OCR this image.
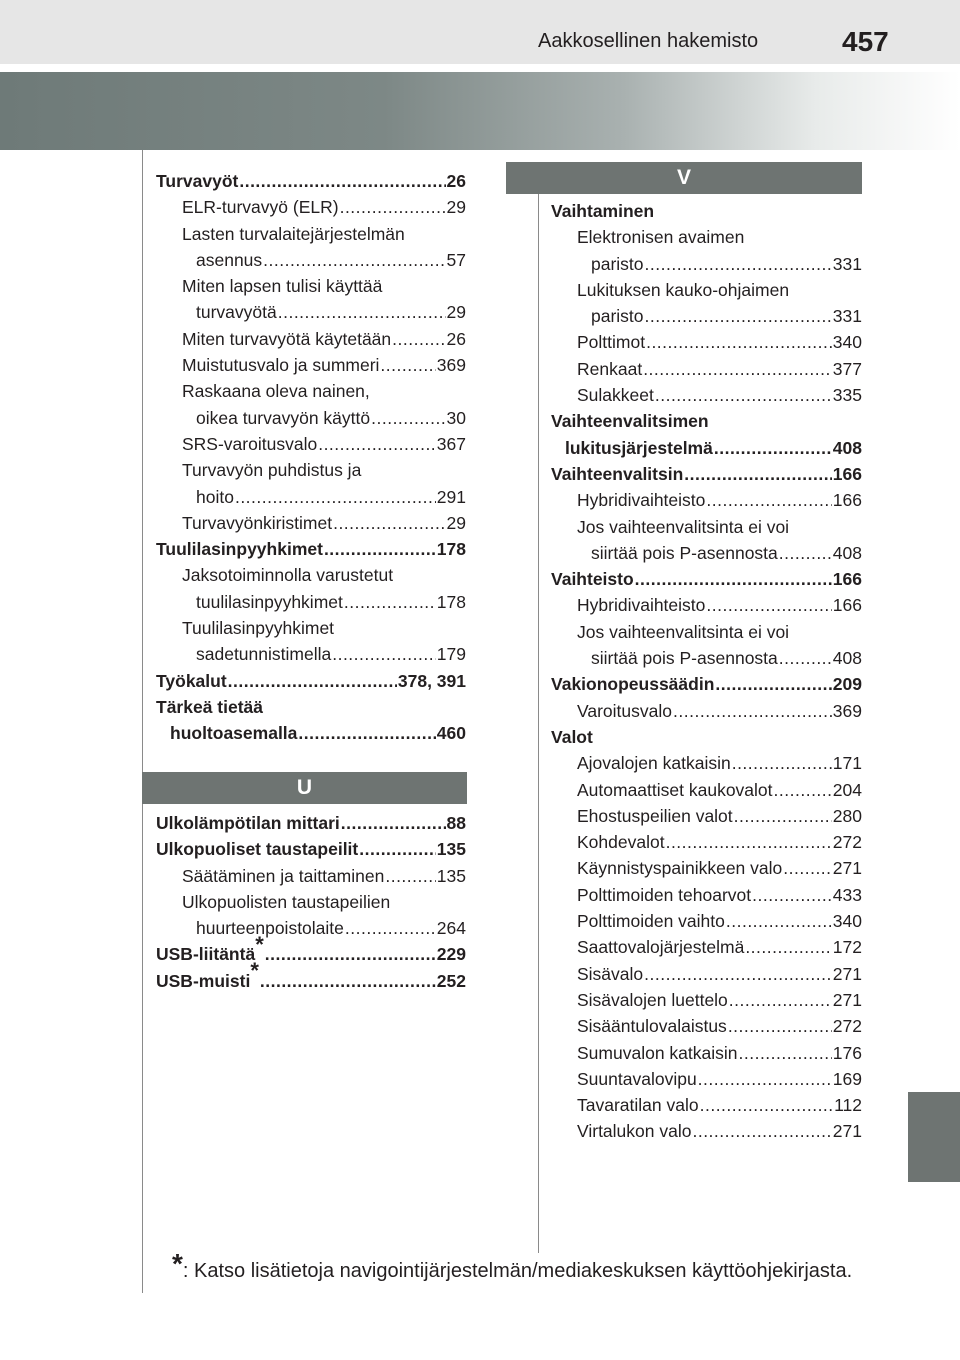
Aakkosellinen hakemisto	457
Turvavyöt .....	26
ELR-turvavyö (ELR) .....	29
Lasten turvalaitejärjestelmän
asennus .....	57
Miten lapsen tulisi käyttää
turvavyötä .....	29
Miten turvavyötä käytetään .....	26
Muistutusvalo ja summeri .....	369
Raskaana oleva nainen,
oikea turvavyön käyttö .....	30
SRS-varoitusvalo .....	367
Turvavyön puhdistus ja
hoito .....	291
Turvavyönkiristimet .....	29
Tuulilasinpyyhkimet .....	178
Jaksotoiminnolla varustetut
tuulilasinpyyhkimet .....	178
Tuulilasinpyyhkimet
sadetunnistimella .....	179
Työkalut .....	378, 391
Tärkeä tietää
huoltoasemalla .....	460
U
Ulkolämpötilan mittari .....	88
Ulkopuoliset taustapeilit .....	135
Säätäminen ja taittaminen .....	135
Ulkopuolisten taustapeilien
huurteenpoistolaite .....	264
USB-liitäntä* .....	229
USB-muisti* .....	252
V
Vaihtaminen
Elektronisen avaimen
paristo .....	331
Lukituksen kauko-ohjaimen
paristo .....	331
Polttimot .....	340
Renkaat .....	377
Sulakkeet .....	335
Vaihteenvalitsimen
lukitusjärjestelmä .....	408
Vaihteenvalitsin .....	166
Hybridivaihteisto .....	166
Jos vaihteenvalitsinta ei voi
siirtää pois P-asennosta .....	408
Vaihteisto .....	166
Hybridivaihteisto .....	166
Jos vaihteenvalitsinta ei voi
siirtää pois P-asennosta .....	408
Vakionopeussäädin .....	209
Varoitusvalo .....	369
Valot
Ajovalojen katkaisin .....	171
Automaattiset kaukovalot .....	204
Ehostuspeilien valot .....	280
Kohdevalot .....	272
Käynnistyspainikkeen valo .....	271
Polttimoiden tehoarvot .....	433
Polttimoiden vaihto .....	340
Saattovalojärjestelmä .....	172
Sisävalo .....	271
Sisävalojen luettelo .....	271
Sisääntulovalaistus .....	272
Sumuvalon katkaisin .....	176
Suuntavalovipu .....	169
Tavaratilan valo .....	112
Virtalukon valo .....	271
*: Katso lisätietoja navigointijärjestelmän/mediakeskuksen käyttöohjekirjasta.
